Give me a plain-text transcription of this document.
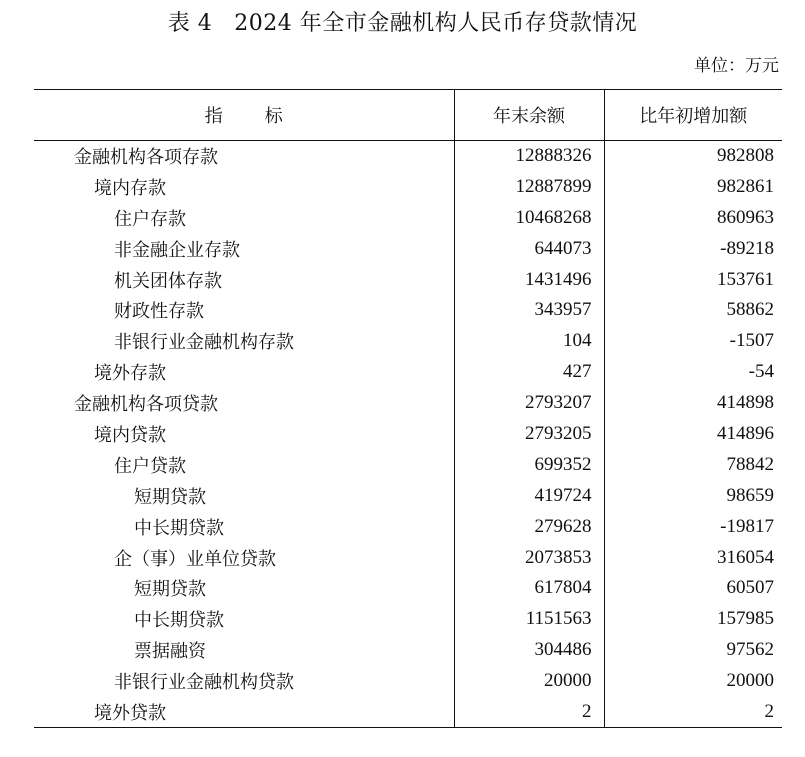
表 4 2024 年全市金融机构人民币存贷款情况
单位：万元
指标	年末余额	比年初增加额
金融机构各项存款	12888326	982808
境内存款	12887899	982861
住户存款	10468268	860963
非金融企业存款	644073	-89218
机关团体存款	1431496	153761
财政性存款	343957	58862
非银行业金融机构存款	104	-1507
境外存款	427	-54
金融机构各项贷款	2793207	414898
境内贷款	2793205	414896
住户贷款	699352	78842
短期贷款	419724	98659
中长期贷款	279628	-19817
企（事）业单位贷款	2073853	316054
短期贷款	617804	60507
中长期贷款	1151563	157985
票据融资	304486	97562
非银行业金融机构贷款	20000	20000
境外贷款	2	2
